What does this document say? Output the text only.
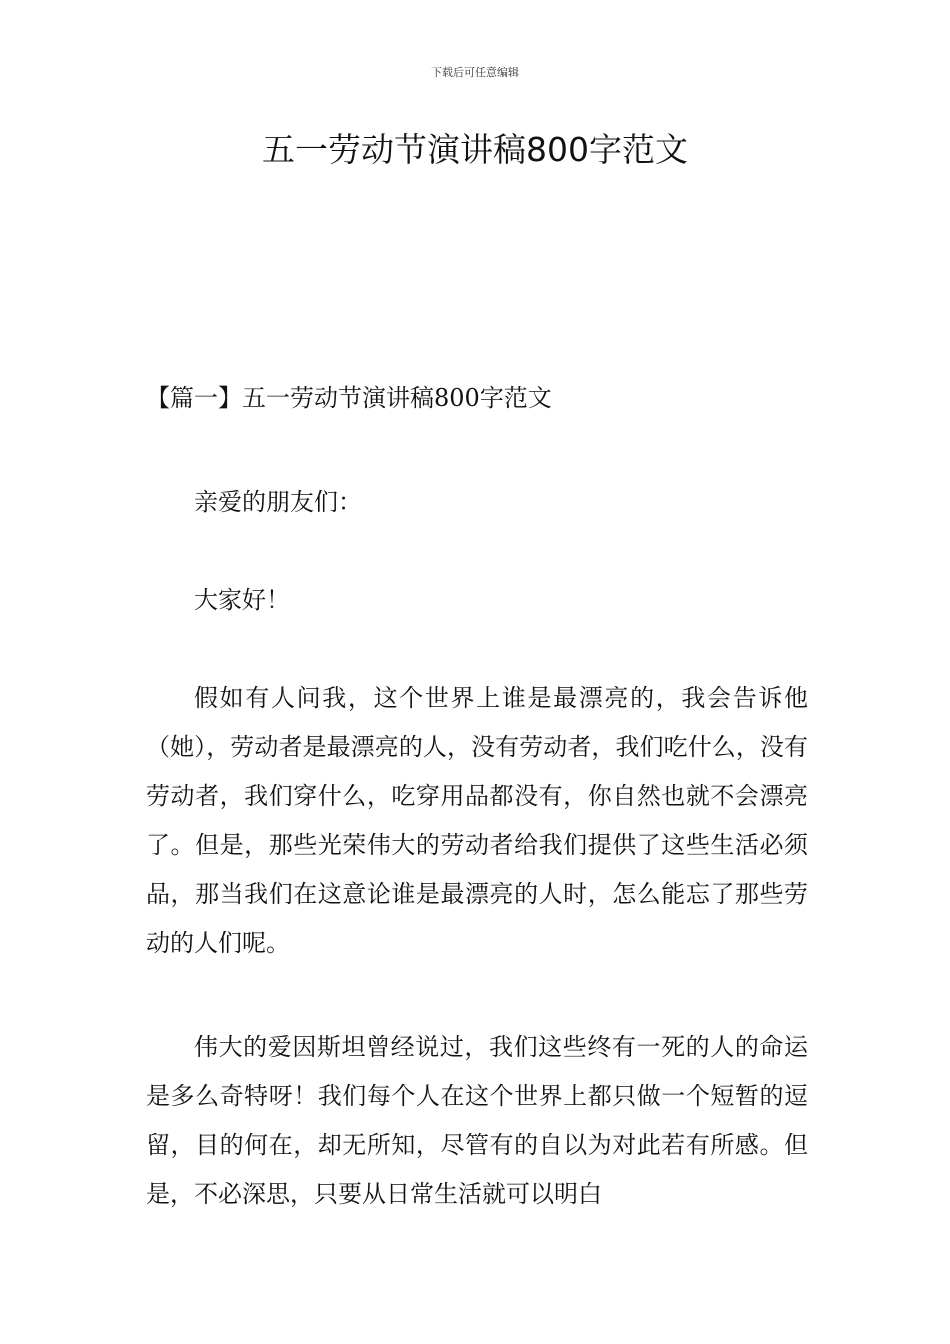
下载后可任意编辑
五一劳动节演讲稿800字范文
【篇一】五一劳动节演讲稿800字范文

亲爱的朋友们：

大家好！

假如有人问我，这个世界上谁是最漂亮的，我会告诉他（她），劳动者是最漂亮的人，没有劳动者，我们吃什么，没有劳动者，我们穿什么，吃穿用品都没有，你自然也就不会漂亮了。但是，那些光荣伟大的劳动者给我们提供了这些生活必须品，那当我们在这意论谁是最漂亮的人时，怎么能忘了那些劳动的人们呢。

伟大的爱因斯坦曾经说过，我们这些终有一死的人的命运是多么奇特呀！我们每个人在这个世界上都只做一个短暂的逗留，目的何在，却无所知，尽管有的自以为对此若有所感。但是，不必深思，只要从日常生活就可以明白
